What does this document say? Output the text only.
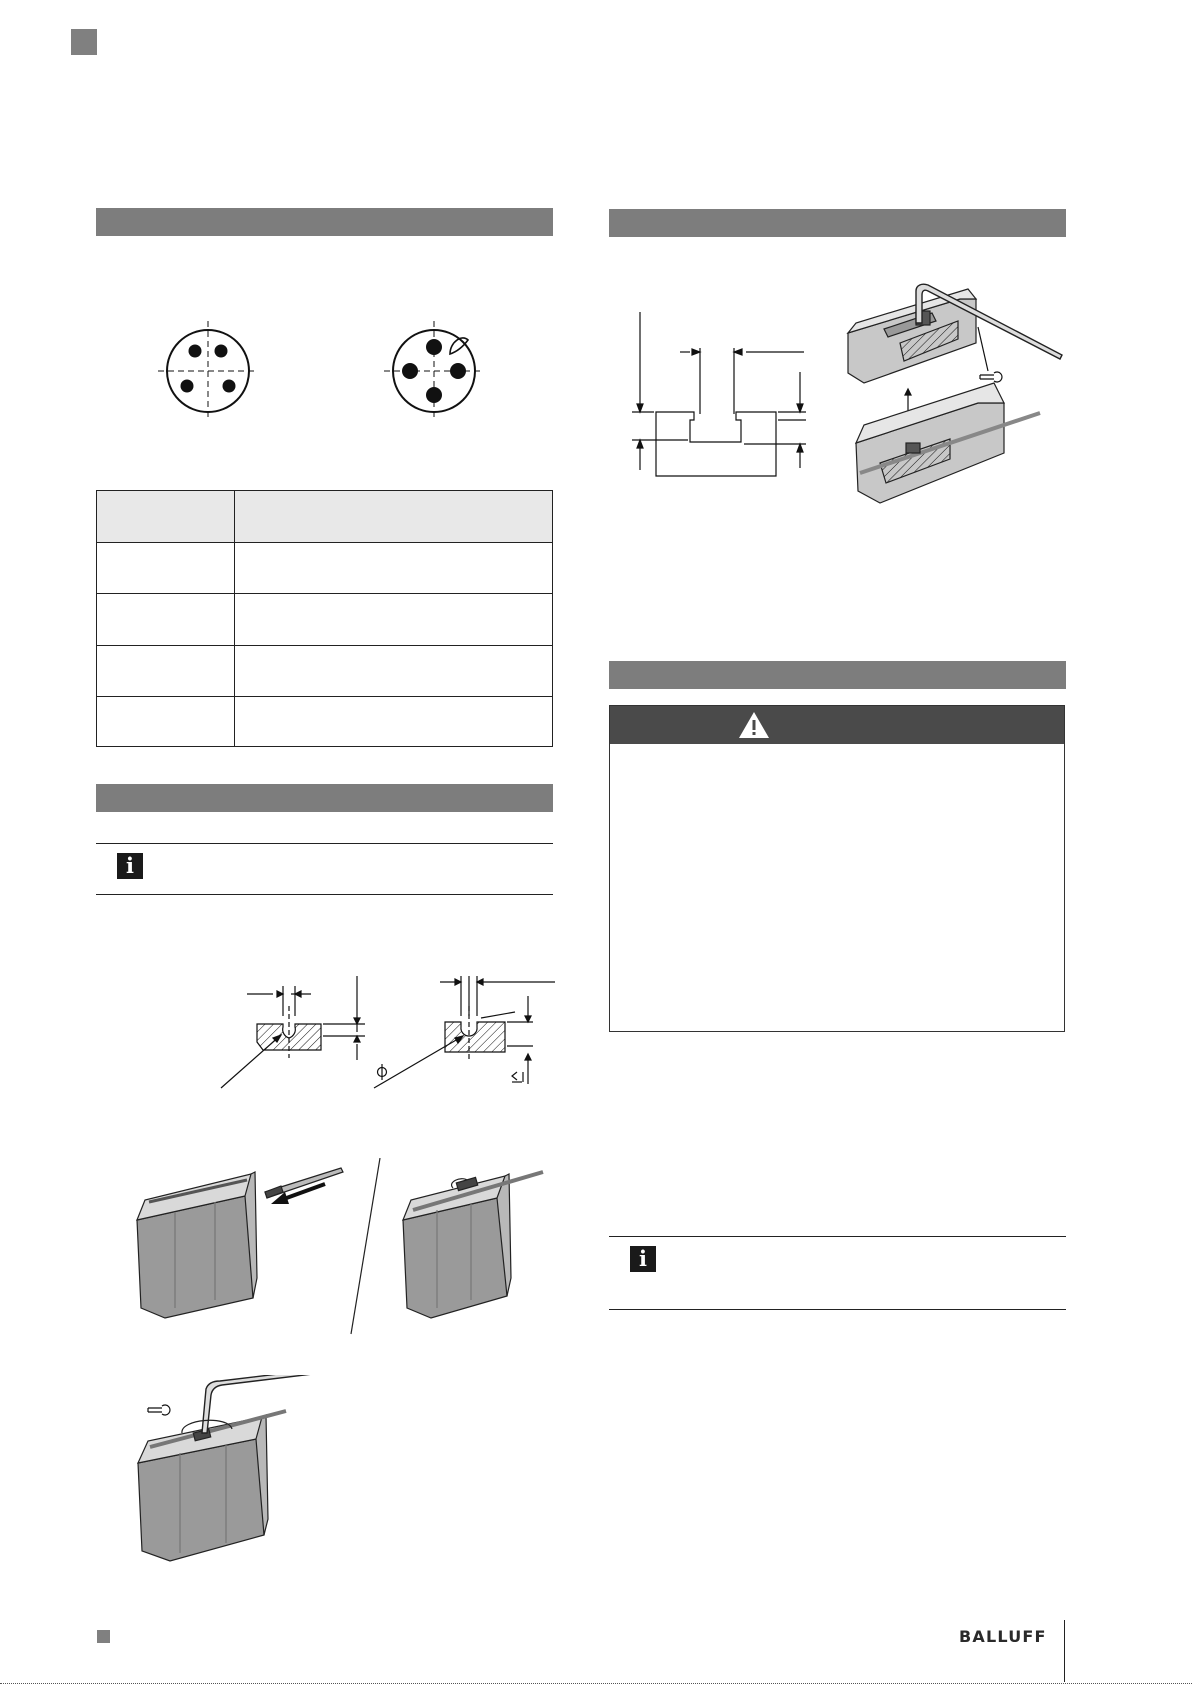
i
i
BALLUFF
